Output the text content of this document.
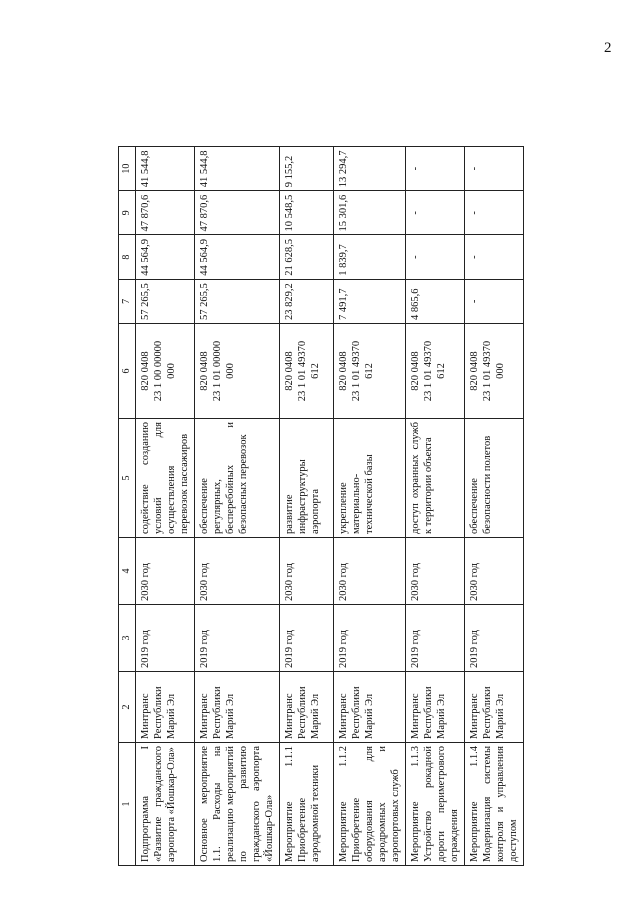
2
1	2	3	4	5	6	7	8	9	10
Подпрограмма I «Развитие гражданского аэропорта «Йошкар-Ола»	Минтранс Республики Марий Эл	2019 год	2030 год	содействие созданию условий для осуществления перевозок пассажиров	820 0408 23 1 00 00000 000	57 265,5	44 564,9	47 870,6	41 544,8
Основное мероприятие 1.1. Расходы на реализацию мероприятий по развитию гражданского аэропорта «Йошкар-Ола»	Минтранс Республики Марий Эл	2019 год	2030 год	обеспечение регулярных, бесперебойных и безопасных перевозок	820 0408 23 1 01 00000 000	57 265,5	44 564,9	47 870,6	41 544,8
Мероприятие 1.1.1 Приобретение аэродромной техники	Минтранс Республики Марий Эл	2019 год	2030 год	развитие инфраструктуры аэропорта	820 0408 23 1 01 49370 612	23 829,2	21 628,5	10 548,5	9 155,2
Мероприятие 1.1.2 Приобретение оборудования для аэродромных и аэропортовых служб	Минтранс Республики Марий Эл	2019 год	2030 год	укрепление материально-технической базы	820 0408 23 1 01 49370 612	7 491,7	1 839,7	15 301,6	13 294,7
Мероприятие 1.1.3 Устройство рокадной дороги периметрового ограждения	Минтранс Республики Марий Эл	2019 год	2030 год	доступ охранных служб к территории объекта	820 0408 23 1 01 49370 612	4 865,6	-	-	-
Мероприятие 1.1.4 Модернизация системы контроля и управления доступом	Минтранс Республики Марий Эл	2019 год	2030 год	обеспечение безопасности полетов	820 0408 23 1 01 49370 000	-	-	-	-
